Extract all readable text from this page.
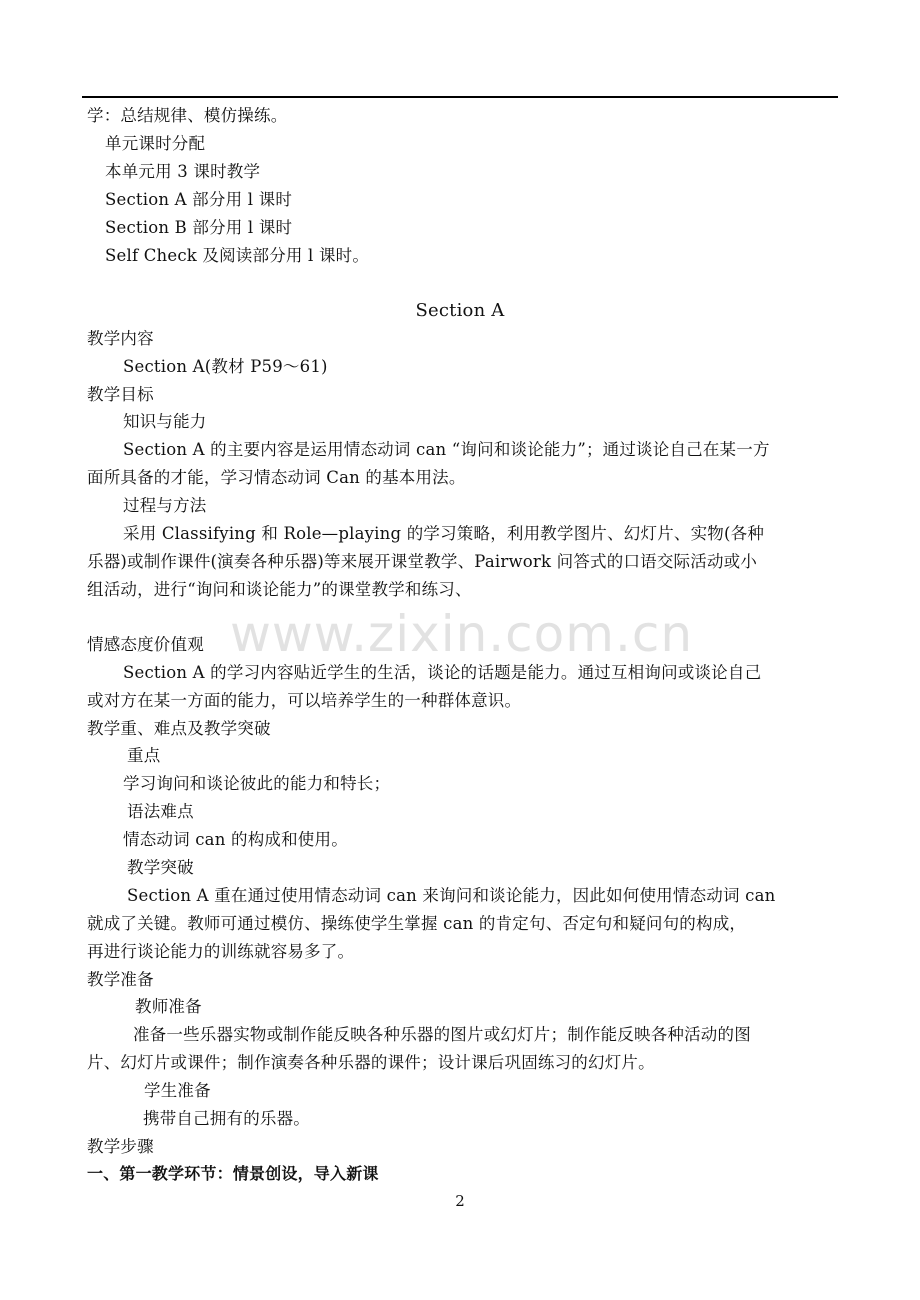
www.zixin.com.cn
学：总结规律、模仿操练。
单元课时分配
本单元用 3 课时教学
Section A 部分用 l 课时
Section B 部分用 l 课时
Self Check 及阅读部分用 l 课时。
Section A
教学内容
Section A(教材 P59～61)
教学目标
知识与能力
Section A 的主要内容是运用情态动词 can “询问和谈论能力”；通过谈论自己在某一方
面所具备的才能，学习情态动词 Can 的基本用法。
过程与方法
采用 Classifying 和 Role—playing 的学习策略，利用教学图片、幻灯片、实物(各种
乐器)或制作课件(演奏各种乐器)等来展开课堂教学、Pairwork 问答式的口语交际活动或小
组活动，进行“询问和谈论能力”的课堂教学和练习、
情感态度价值观
Section A 的学习内容贴近学生的生活，谈论的话题是能力。通过互相询问或谈论自己
或对方在某一方面的能力，可以培养学生的一种群体意识。
教学重、难点及教学突破
重点
学习询问和谈论彼此的能力和特长；
语法难点
情态动词 can 的构成和使用。
教学突破
Section A 重在通过使用情态动词 can 来询问和谈论能力，因此如何使用情态动词 can
就成了关键。教师可通过模仿、操练使学生掌握 can 的肯定句、否定句和疑问句的构成，
再进行谈论能力的训练就容易多了。
教学准备
教师准备
准备一些乐器实物或制作能反映各种乐器的图片或幻灯片；制作能反映各种活动的图
片、幻灯片或课件；制作演奏各种乐器的课件；设计课后巩固练习的幻灯片。
学生准备
携带自己拥有的乐器。
教学步骤
一、第一教学环节：情景创设，导入新课
2
